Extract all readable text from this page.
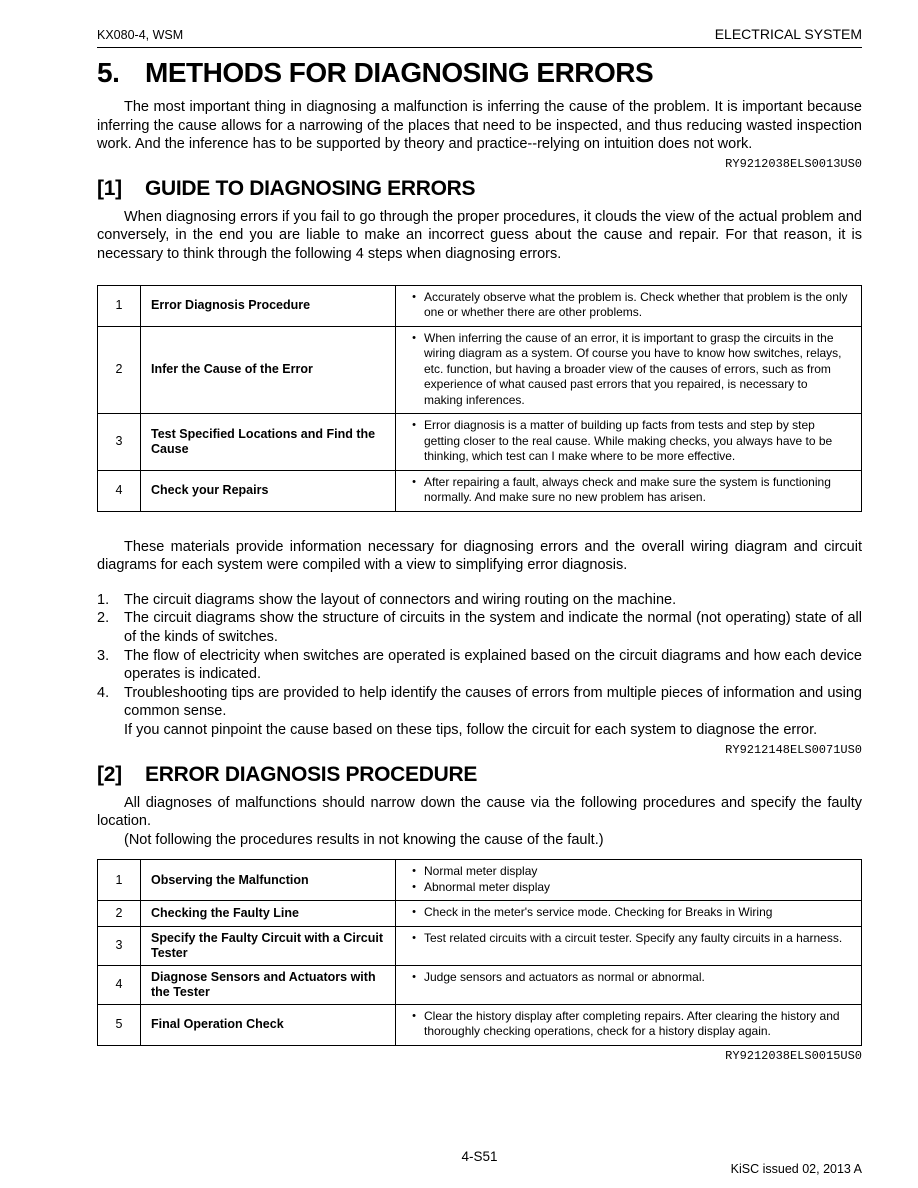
KX080-4, WSM	ELECTRICAL SYSTEM
5. METHODS FOR DIAGNOSING ERRORS

The most important thing in diagnosing a malfunction is inferring the cause of the problem. It is important because inferring the cause allows for a narrowing of the places that need to be inspected, and thus reducing wasted inspection work. And the inference has to be supported by theory and practice--relying on intuition does not work.

RY9212038ELS0013US0
[1] GUIDE TO DIAGNOSING ERRORS

When diagnosing errors if you fail to go through the proper procedures, it clouds the view of the actual problem and conversely, in the end you are liable to make an incorrect guess about the cause and repair. For that reason, it is necessary to think through the following 4 steps when diagnosing errors.

1	Error Diagnosis Procedure	• Accurately observe what the problem is. Check whether that problem is the only one or whether there are other problems.

2	Infer the Cause of the Error	• When inferring the cause of an error, it is important to grasp the circuits in the wiring diagram as a system. Of course you have to know how switches, relays, etc. function, but having a broader view of the causes of errors, such as from experience of what caused past errors that you repaired, is necessary to making inferences.

3	Test Specified Locations and Find the Cause	• Error diagnosis is a matter of building up facts from tests and step by step getting closer to the real cause. While making checks, you always have to be thinking, which test can I make where to be more effective.

4	Check your Repairs	• After repairing a fault, always check and make sure the system is functioning normally. And make sure no new problem has arisen.

These materials provide information necessary for diagnosing errors and the overall wiring diagram and circuit diagrams for each system were compiled with a view to simplifying error diagnosis.

1.	The circuit diagrams show the layout of connectors and wiring routing on the machine.
2.	The circuit diagrams show the structure of circuits in the system and indicate the normal (not operating) state of all of the kinds of switches.
3.	The flow of electricity when switches are operated is explained based on the circuit diagrams and how each device operates is indicated.
4.	Troubleshooting tips are provided to help identify the causes of errors from multiple pieces of information and using common sense.
If you cannot pinpoint the cause based on these tips, follow the circuit for each system to diagnose the error.
RY9212148ELS0071US0
[2] ERROR DIAGNOSIS PROCEDURE

All diagnoses of malfunctions should narrow down the cause via the following procedures and specify the faulty location.

(Not following the procedures results in not knowing the cause of the fault.)

1	Observing the Malfunction	• Normal meter display
• Abnormal meter display

2	Checking the Faulty Line	• Check in the meter's service mode. Checking for Breaks in Wiring

3	Specify the Faulty Circuit with a Circuit Tester	• Test related circuits with a circuit tester. Specify any faulty circuits in a harness.

4	Diagnose Sensors and Actuators with the Tester	• Judge sensors and actuators as normal or abnormal.

5	Final Operation Check	• Clear the history display after completing repairs. After clearing the history and thoroughly checking operations, check for a history display again.
RY9212038ELS0015US0
4-S51
KiSC issued 02, 2013 A
